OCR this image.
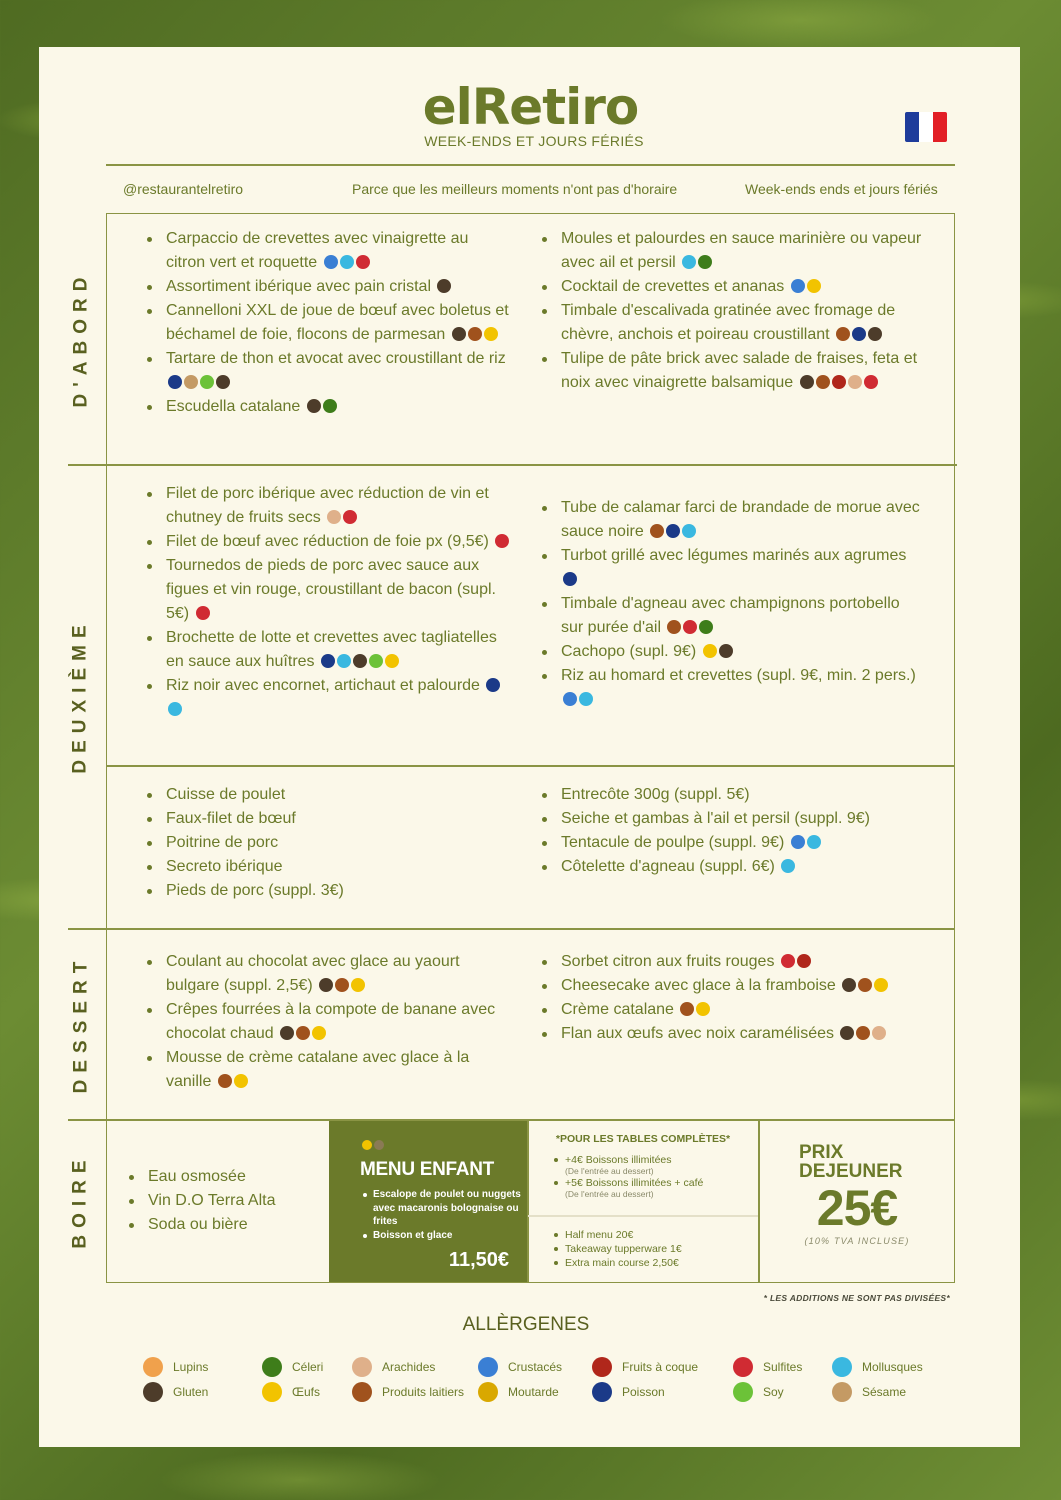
elRetiro
WEEK-ENDS ET JOURS FÉRIÉS
@restaurantelretiro	Parce que les meilleurs moments n'ont pas d'horaire	Week-ends ends et jours fériés
D'ABORD
DEUXIÈME
DESSERT
BOIRE
Carpaccio de crevettes avec vinaigrette au citron vert et roquette
Assortiment ibérique avec pain cristal
Cannelloni XXL de joue de bœuf avec boletus et béchamel de foie, flocons de parmesan
Tartare de thon et avocat avec croustillant de riz
Escudella catalane
Moules et palourdes en sauce marinière ou vapeur avec ail et persil
Cocktail de crevettes et ananas
Timbale d'escalivada gratinée avec fromage de chèvre, anchois et poireau croustillant
Tulipe de pâte brick avec salade de fraises, feta et noix avec vinaigrette balsamique
Filet de porc ibérique avec réduction de vin et chutney de fruits secs
Filet de bœuf avec réduction de foie px (9,5€)
Tournedos de pieds de porc avec sauce aux figues et vin rouge, croustillant de bacon (supl. 5€)
Brochette de lotte et crevettes avec tagliatelles en sauce aux huîtres
Riz noir avec encornet, artichaut et palourde
Tube de calamar farci de brandade de morue avec sauce noire
Turbot grillé avec légumes marinés aux agrumes
Timbale d'agneau avec champignons portobello sur purée d'ail
Cachopo (supl. 9€)
Riz au homard et crevettes (supl. 9€, min. 2 pers.)
Cuisse de poulet
Faux-filet de bœuf
Poitrine de porc
Secreto ibérique
Pieds de porc (suppl. 3€)
Entrecôte 300g (suppl. 5€)
Seiche et gambas à l'ail et persil (suppl. 9€)
Tentacule de poulpe (suppl. 9€)
Côtelette d'agneau (suppl. 6€)
Coulant au chocolat avec glace au yaourt bulgare (suppl. 2,5€)
Crêpes fourrées à la compote de banane avec chocolat chaud
Mousse de crème catalane avec glace à la vanille
Sorbet citron aux fruits rouges
Cheesecake avec glace à la framboise
Crème catalane
Flan aux œufs avec noix caramélisées
Eau osmosée
Vin D.O Terra Alta
Soda ou bière
MENU ENFANT
Escalope de poulet ou nuggets avec macaronis bolognaise ou frites
Boisson et glace
11,50€
*POUR LES TABLES COMPLÈTES*
+4€ Boissons illimitées
(De l'entrée au dessert)
+5€ Boissons illimitées + café
(De l'entrée au dessert)
Half menu 20€
Takeaway tupperware 1€
Extra main course 2,50€
PRIX
DEJEUNER
25€
(10% TVA INCLUSE)
* LES ADDITIONS NE SONT PAS DIVISÉES*
ALLÈRGENES
Lupins
Gluten
Céleri
Œufs
Arachides
Produits laitiers
Crustacés
Moutarde
Fruits à coque
Poisson
Sulfites
Soy
Mollusques
Sésame
